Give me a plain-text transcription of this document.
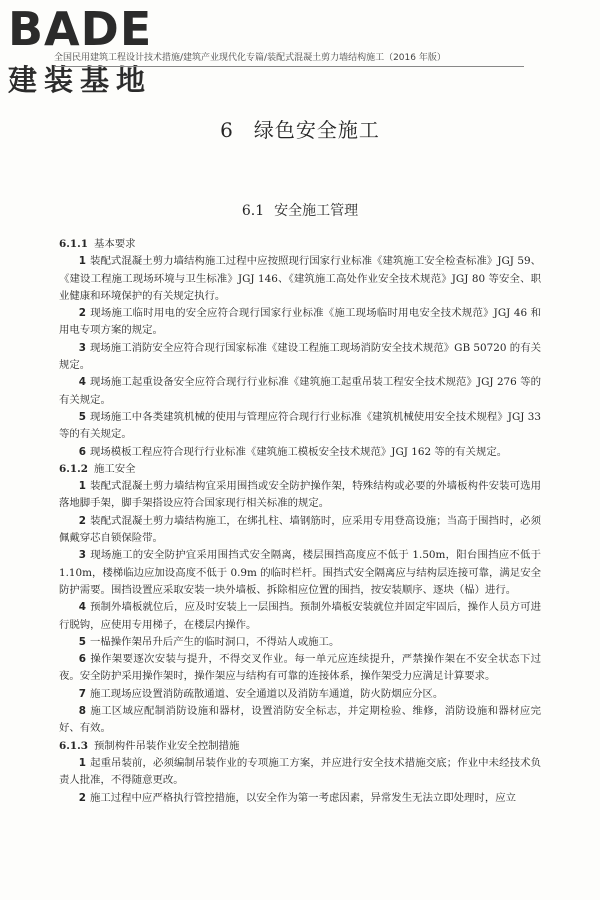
BADE
建装基地
全国民用建筑工程设计技术措施/建筑产业现代化专篇/装配式混凝土剪力墙结构施工（2016 年版）
6 绿色安全施工
6.1 安全施工管理

6.1.1 基本要求

1 装配式混凝土剪力墙结构施工过程中应按照现行国家行业标准《建筑施工安全检查标准》JGJ 59、《建设工程施工现场环境与卫生标准》JGJ 146、《建筑施工高处作业安全技术规范》JGJ 80 等安全、职业健康和环境保护的有关规定执行。

2 现场施工临时用电的安全应符合现行国家行业标准《施工现场临时用电安全技术规范》JGJ 46 和用电专项方案的规定。

3 现场施工消防安全应符合现行国家标准《建设工程施工现场消防安全技术规范》GB 50720 的有关规定。

4 现场施工起重设备安全应符合现行行业标准《建筑施工起重吊装工程安全技术规范》JGJ 276 等的有关规定。

5 现场施工中各类建筑机械的使用与管理应符合现行行业标准《建筑机械使用安全技术规程》JGJ 33 等的有关规定。

6 现场模板工程应符合现行行业标准《建筑施工模板安全技术规范》JGJ 162 等的有关规定。

6.1.2 施工安全

1 装配式混凝土剪力墙结构宜采用围挡或安全防护操作架，特殊结构或必要的外墙板构件安装可选用落地脚手架，脚手架搭设应符合国家现行相关标准的规定。

2 装配式混凝土剪力墙结构施工，在绑扎柱、墙钢筋时，应采用专用登高设施；当高于围挡时，必须佩戴穿芯自锁保险带。

3 现场施工的安全防护宜采用围挡式安全隔离，楼层围挡高度应不低于 1.50m，阳台围挡应不低于 1.10m，楼梯临边应加设高度不低于 0.9m 的临时栏杆。围挡式安全隔离应与结构层连接可靠，满足安全防护需要。围挡设置应采取安装一块外墙板、拆除相应位置的围挡，按安装顺序、逐块（榀）进行。

4 预制外墙板就位后，应及时安装上一层围挡。预制外墙板安装就位并固定牢固后，操作人员方可进行脱钩，应使用专用梯子，在楼层内操作。

5 一榀操作架吊升后产生的临时洞口，不得站人或施工。

6 操作架要逐次安装与提升，不得交叉作业。每一单元应连续提升，严禁操作架在不安全状态下过夜。安全防护采用操作架时，操作架应与结构有可靠的连接体系，操作架受力应满足计算要求。

7 施工现场应设置消防疏散通道、安全通道以及消防车通道，防火防烟应分区。

8 施工区域应配制消防设施和器材，设置消防安全标志，并定期检验、维修，消防设施和器材应完好、有效。

6.1.3 预制构件吊装作业安全控制措施

1 起重吊装前，必须编制吊装作业的专项施工方案，并应进行安全技术措施交底；作业中未经技术负责人批准，不得随意更改。

2 施工过程中应严格执行管控措施，以安全作为第一考虑因素，异常发生无法立即处理时，应立
